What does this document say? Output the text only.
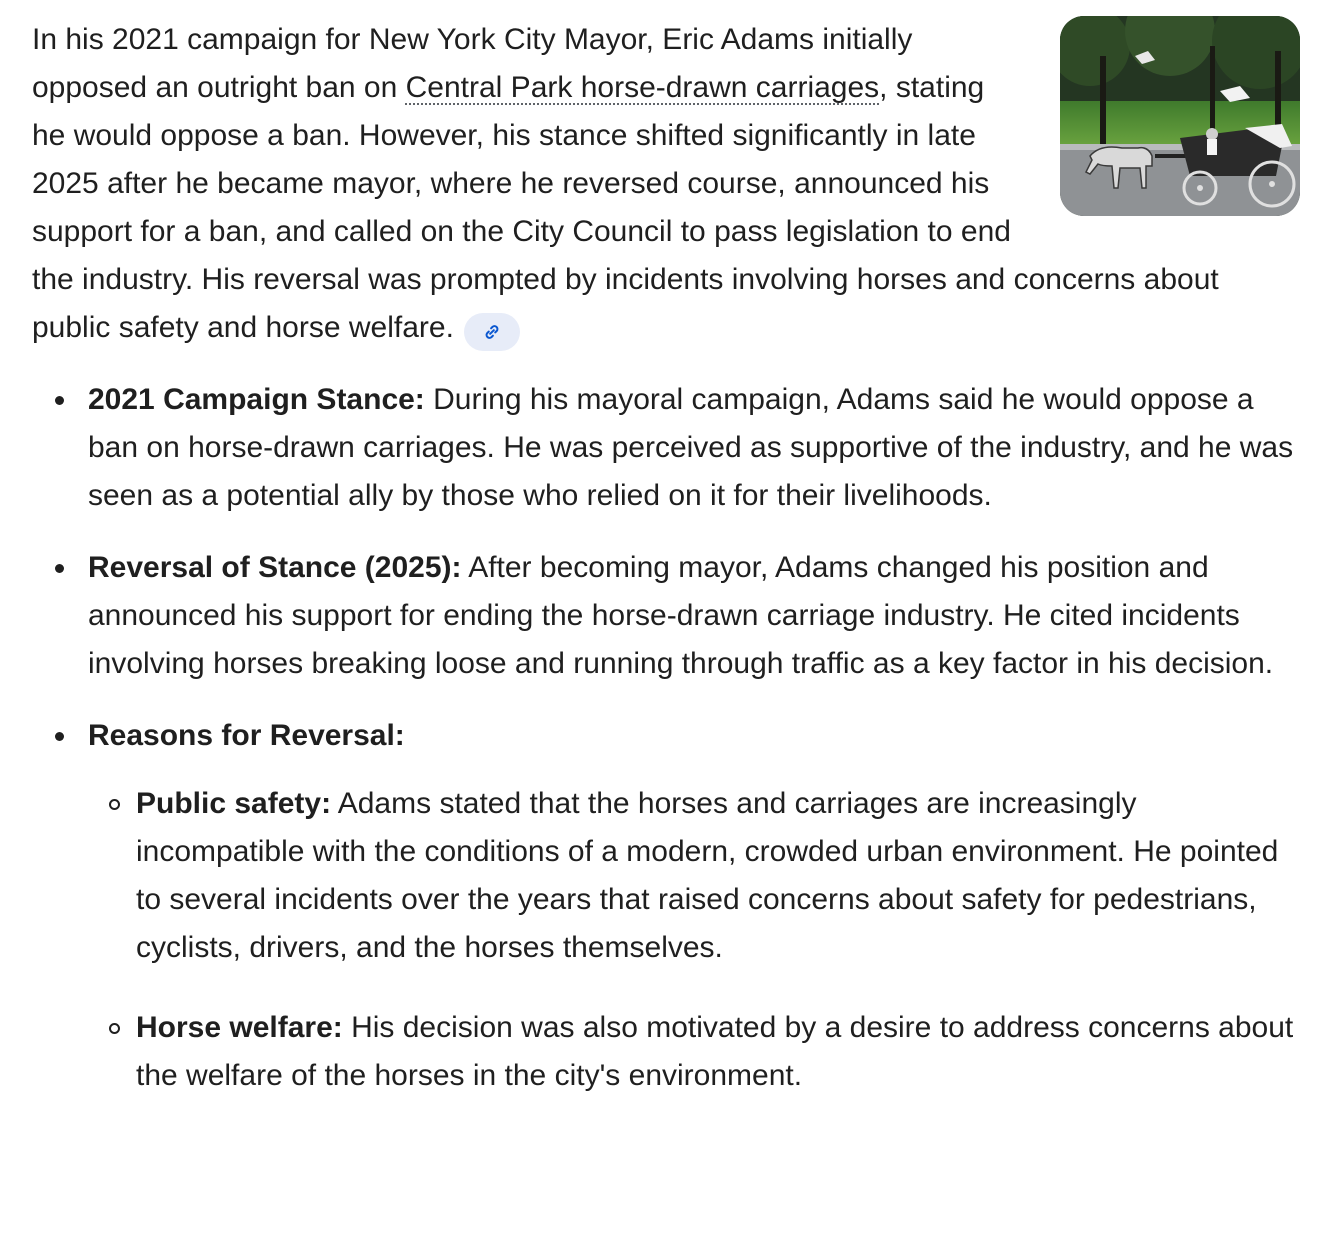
In his 2021 campaign for New York City Mayor, Eric Adams initially opposed an outright ban on Central Park horse-drawn carriages, stating he would oppose a ban. However, his stance shifted significantly in late 2025 after he became mayor, where he reversed course, announced his support for a ban, and called on the City Council to pass legislation to end the industry. His reversal was prompted by incidents involving horses and concerns about public safety and horse welfare.

2021 Campaign Stance: During his mayoral campaign, Adams said he would oppose a ban on horse-drawn carriages. He was perceived as supportive of the industry, and he was seen as a potential ally by those who relied on it for their livelihoods.
Reversal of Stance (2025): After becoming mayor, Adams changed his position and announced his support for ending the horse-drawn carriage industry. He cited incidents involving horses breaking loose and running through traffic as a key factor in his decision.
Reasons for Reversal:
Public safety: Adams stated that the horses and carriages are increasingly incompatible with the conditions of a modern, crowded urban environment. He pointed to several incidents over the years that raised concerns about safety for pedestrians, cyclists, drivers, and the horses themselves.
Horse welfare: His decision was also motivated by a desire to address concerns about the welfare of the horses in the city's environment.
